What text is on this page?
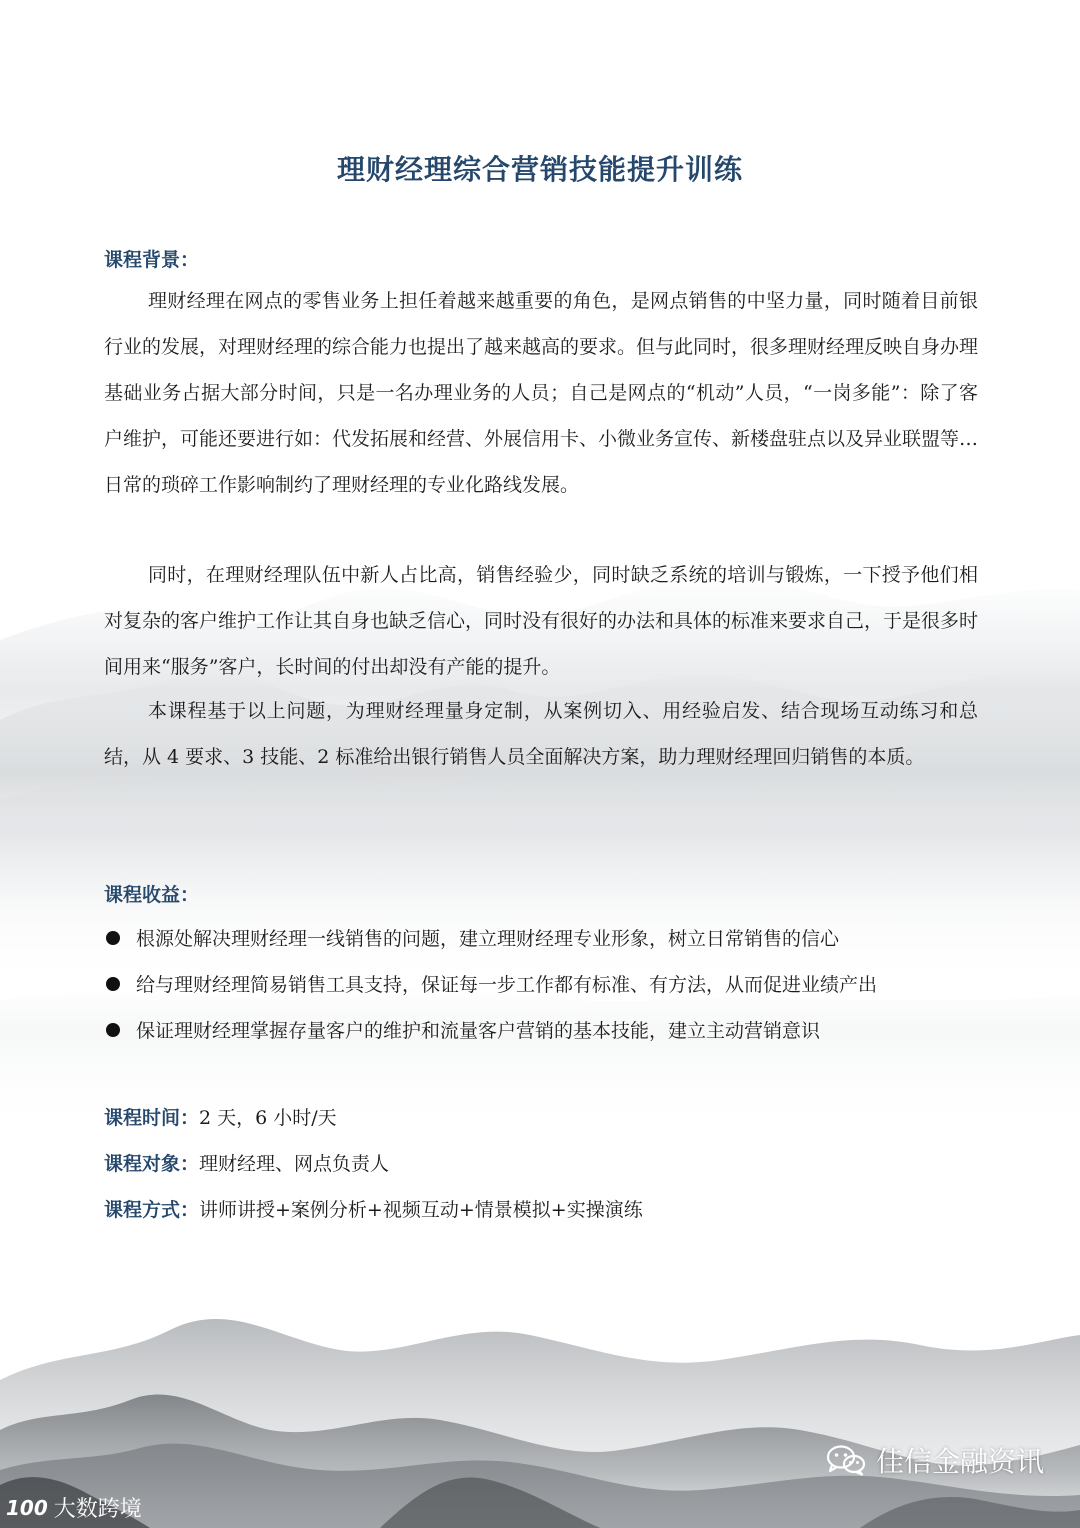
理财经理综合营销技能提升训练
课程背景：

理财经理在网点的零售业务上担任着越来越重要的角色，是网点销售的中坚力量，同时随着目前银行业的发展，对理财经理的综合能力也提出了越来越高的要求。但与此同时，很多理财经理反映自身办理基础业务占据大部分时间，只是一名办理业务的人员；自己是网点的“机动”人员，“一岗多能”：除了客户维护，可能还要进行如：代发拓展和经营、外展信用卡、小微业务宣传、新楼盘驻点以及异业联盟等…日常的琐碎工作影响制约了理财经理的专业化路线发展。

同时，在理财经理队伍中新人占比高，销售经验少，同时缺乏系统的培训与锻炼，一下授予他们相对复杂的客户维护工作让其自身也缺乏信心，同时没有很好的办法和具体的标准来要求自己，于是很多时间用来“服务”客户，长时间的付出却没有产能的提升。

本课程基于以上问题，为理财经理量身定制，从案例切入、用经验启发、结合现场互动练习和总结，从 4 要求、3 技能、2 标准给出银行销售人员全面解决方案，助力理财经理回归销售的本质。

课程收益：
根源处解决理财经理一线销售的问题，建立理财经理专业形象，树立日常销售的信心
给与理财经理简易销售工具支持，保证每一步工作都有标准、有方法，从而促进业绩产出
保证理财经理掌握存量客户的维护和流量客户营销的基本技能，建立主动营销意识
课程时间：2 天，6 小时/天
课程对象：理财经理、网点负责人
课程方式：讲师讲授+案例分析+视频互动+情景模拟+实操演练
100 大数跨境
佳信金融资讯
